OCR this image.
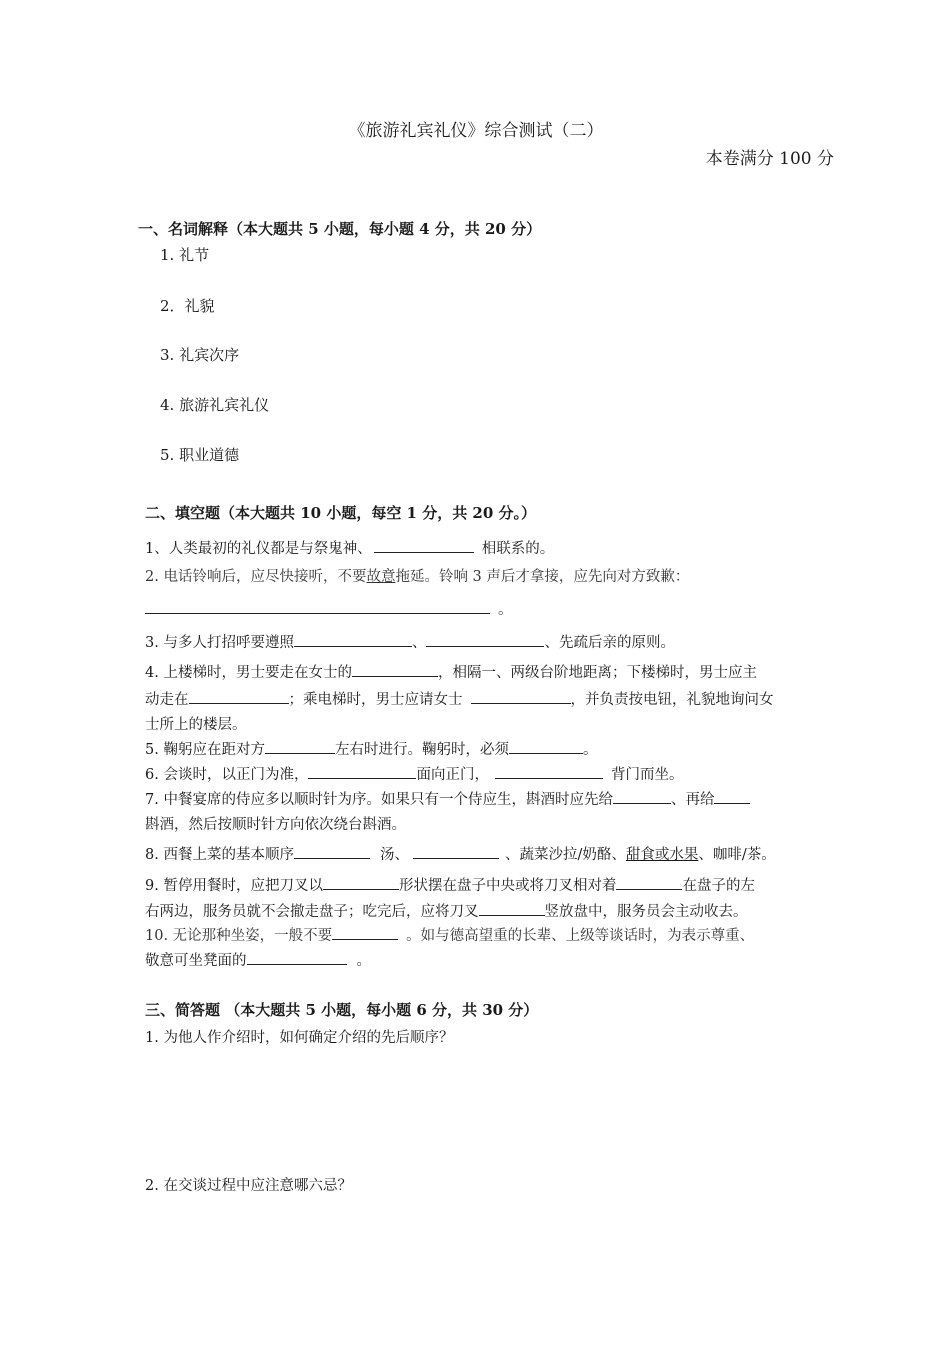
《旅游礼宾礼仪》综合测试（二）
本卷满分 100 分
一、名词解释（本大题共 5 小题，每小题 4 分，共 20 分）
1. 礼节
2．礼貌
3. 礼宾次序
4. 旅游礼宾礼仪
5. 职业道德
二、填空题（本大题共 10 小题，每空 1 分，共 20 分。）
1、人类最初的礼仪都是与祭鬼神、	相联系的。
2. 电话铃响后，应尽快接听，不要故意拖延。铃响 3 声后才拿接，应先向对方致歉：
。
3. 与多人打招呼要遵照	、	、先疏后亲的原则。
4. 上楼梯时，男士要走在女士的	，相隔一、两级台阶地距离；下楼梯时，男士应主
动走在	；乘电梯时，男士应请女士	，并负责按电钮，礼貌地询问女
士所上的楼层。
5. 鞠躬应在距对方	左右时进行。鞠躬时，必须	。
6. 会谈时，以正门为准，	面向正门，	背门而坐。
7. 中餐宴席的侍应多以顺时针为序。如果只有一个侍应生，斟酒时应先给	、再给
斟酒，然后按顺时针方向依次绕台斟酒。
8. 西餐上菜的基本顺序	汤、	、蔬菜沙拉/奶酪、甜食或水果、咖啡/茶。
9. 暂停用餐时，应把刀叉以	形状摆在盘子中央或将刀叉相对着	在盘子的左
右两边，服务员就不会撤走盘子；吃完后，应将刀叉	竖放盘中，服务员会主动收去。
10. 无论那种坐姿，一般不要	。如与德高望重的长辈、上级等谈话时，为表示尊重、
敬意可坐凳面的	。
三、简答题 （本大题共 5 小题，每小题 6 分，共 30 分）
1. 为他人作介绍时，如何确定介绍的先后顺序？
2. 在交谈过程中应注意哪六忌？
